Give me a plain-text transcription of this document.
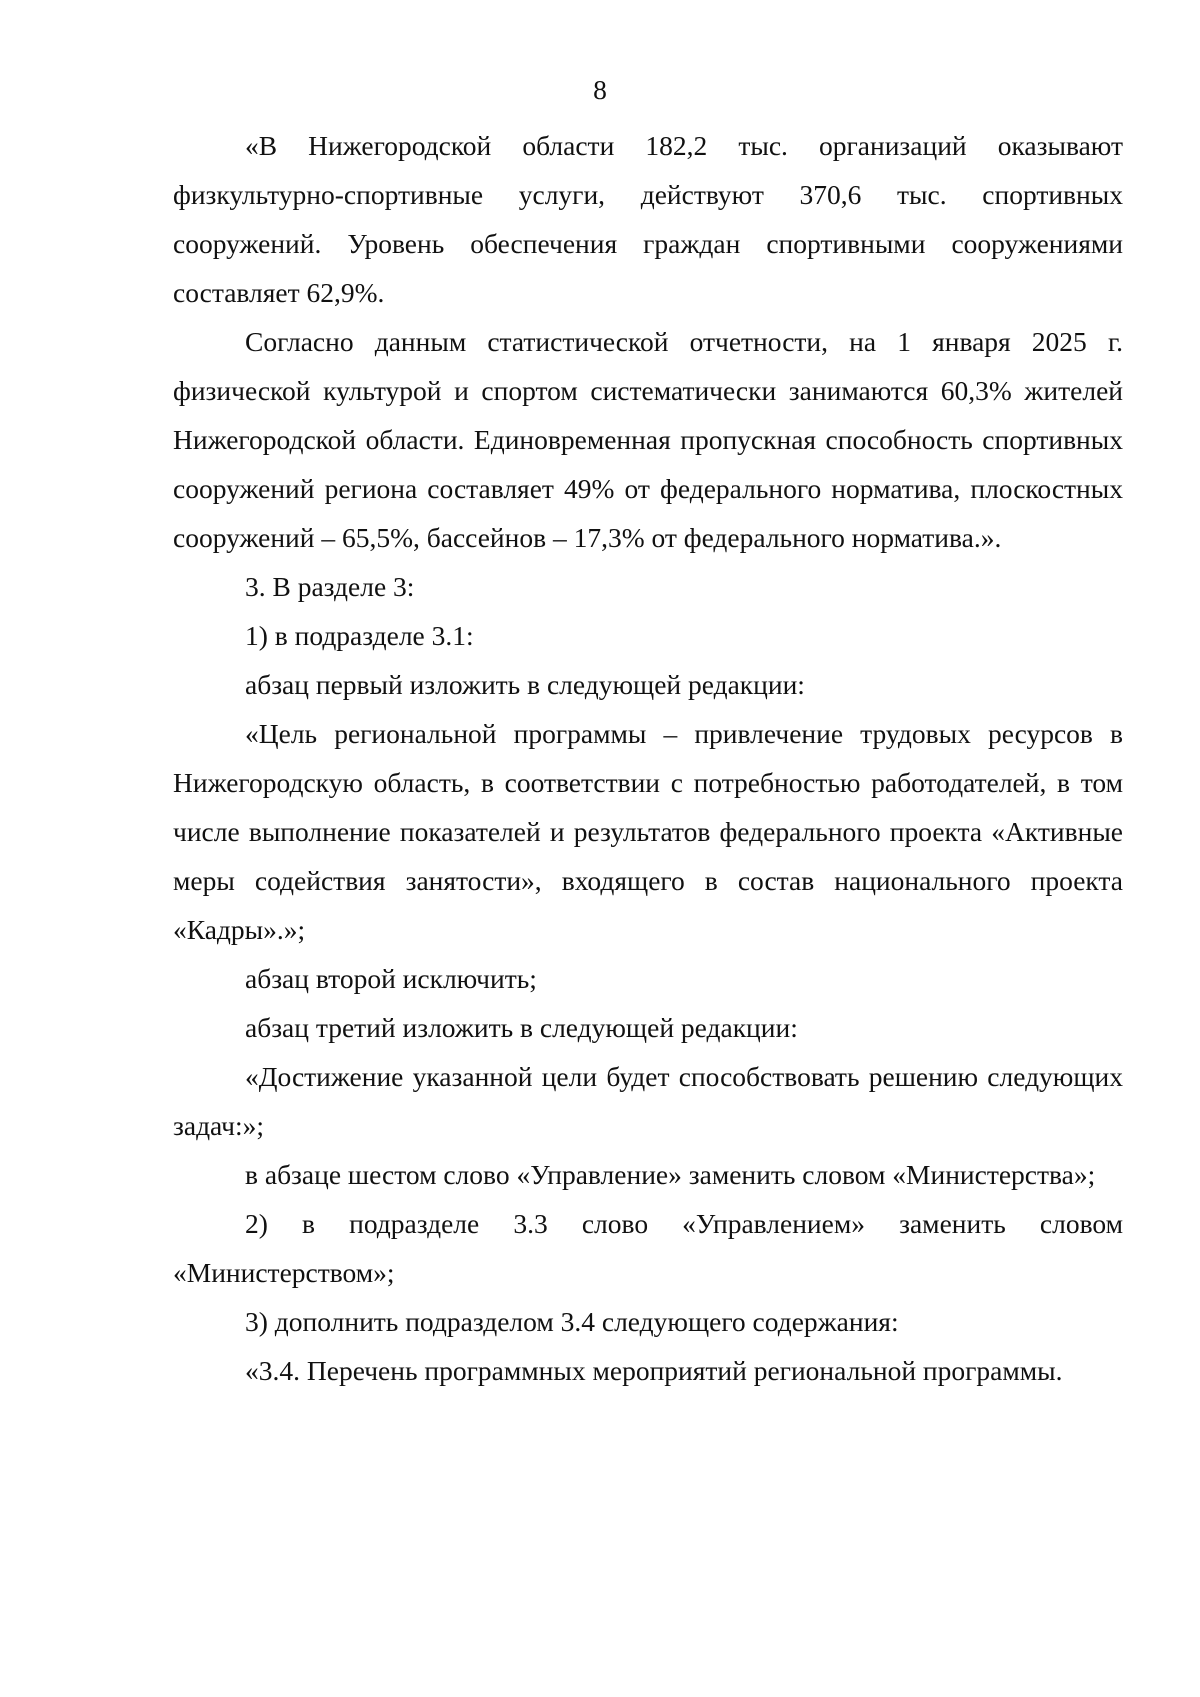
8

«В Нижегородской области 182,2 тыс. организаций оказывают физкультурно-спортивные услуги, действуют 370,6 тыс. спортивных сооружений. Уровень обеспечения граждан спортивными сооружениями составляет 62,9%.

Согласно данным статистической отчетности, на 1 января 2025 г. физической культурой и спортом систематически занимаются 60,3% жителей Нижегородской области. Единовременная пропускная способность спортивных сооружений региона составляет 49% от федерального норматива, плоскостных сооружений – 65,5%, бассейнов – 17,3% от федерального норматива.».

3. В разделе 3:

1) в подразделе 3.1:

абзац первый изложить в следующей редакции:

«Цель региональной программы – привлечение трудовых ресурсов в Нижегородскую область, в соответствии с потребностью работодателей, в том числе выполнение показателей и результатов федерального проекта «Активные меры содействия занятости», входящего в состав национального проекта «Кадры».»;

абзац второй исключить;

абзац третий изложить в следующей редакции:

«Достижение указанной цели будет способствовать решению следующих задач:»;

в абзаце шестом слово «Управление» заменить словом «Министерства»;

2) в подразделе 3.3 слово «Управлением» заменить словом «Министерством»;

3) дополнить подразделом 3.4 следующего содержания:

«3.4. Перечень программных мероприятий региональной программы.
